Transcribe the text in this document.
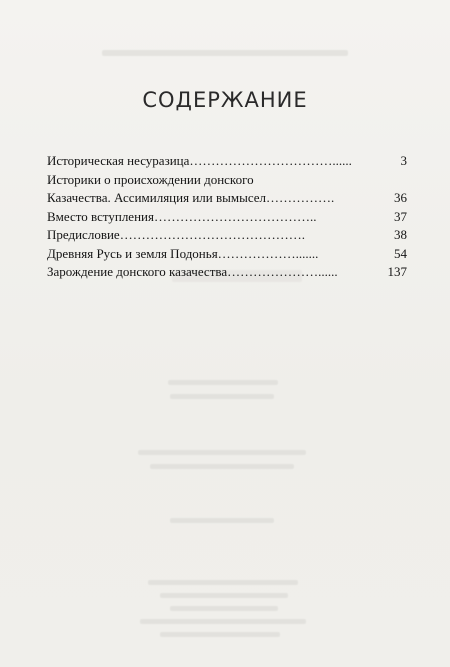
СОДЕРЖАНИЕ
Историческая несуразица ……………………………......	3
Историки о происхождении донского
Казачества. Ассимиляция или вымысел …………….	36
Вместо вступления ………………………………..	37
Предисловие …………………………………….	38
Древняя Русь и земля Подонья ……………….......	54
Зарождение донского казачества …………………......	137
